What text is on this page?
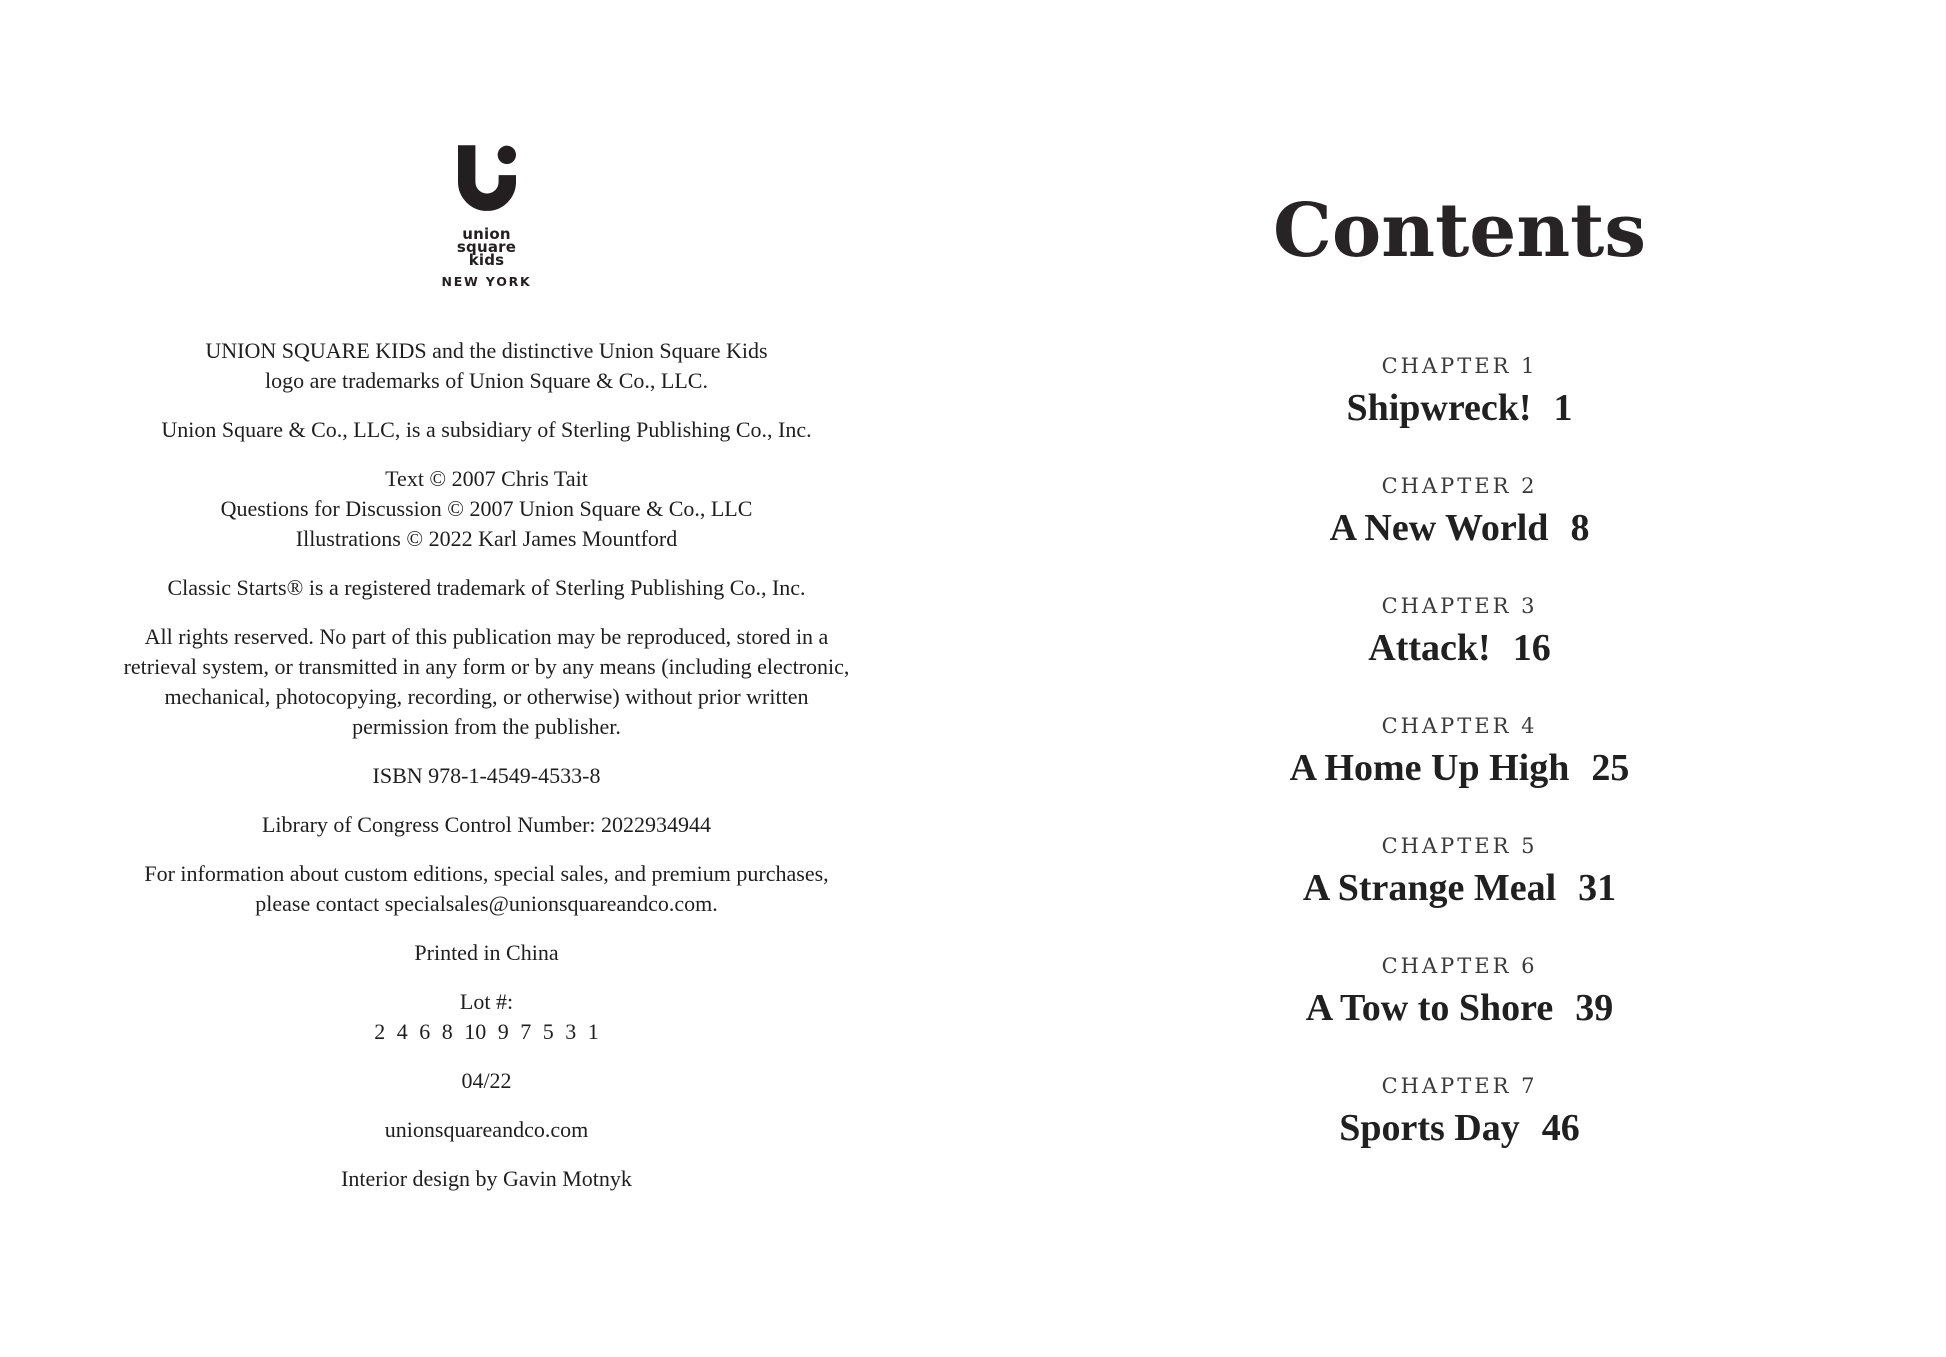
union
square
kids
NEW YORK
UNION SQUARE KIDS and the distinctive Union Square Kids
logo are trademarks of Union Square & Co., LLC.
Union Square & Co., LLC, is a subsidiary of Sterling Publishing Co., Inc.
Text © 2007 Chris Tait
Questions for Discussion © 2007 Union Square & Co., LLC
Illustrations © 2022 Karl James Mountford
Classic Starts® is a registered trademark of Sterling Publishing Co., Inc.
All rights reserved. No part of this publication may be reproduced, stored in a
retrieval system, or transmitted in any form or by any means (including electronic,
mechanical, photocopying, recording, or otherwise) without prior written
permission from the publisher.
ISBN 978-1-4549-4533-8
Library of Congress Control Number: 2022934944
For information about custom editions, special sales, and premium purchases,
please contact specialsales@unionsquareandco.com.
Printed in China
Lot #:
2 4 6 8 10 9 7 5 3 1
04/22
unionsquareandco.com
Interior design by Gavin Motnyk
Contents
CHAPTER 1
Shipwreck! 1
CHAPTER 2
A New World 8
CHAPTER 3
Attack! 16
CHAPTER 4
A Home Up High 25
CHAPTER 5
A Strange Meal 31
CHAPTER 6
A Tow to Shore 39
CHAPTER 7
Sports Day 46
